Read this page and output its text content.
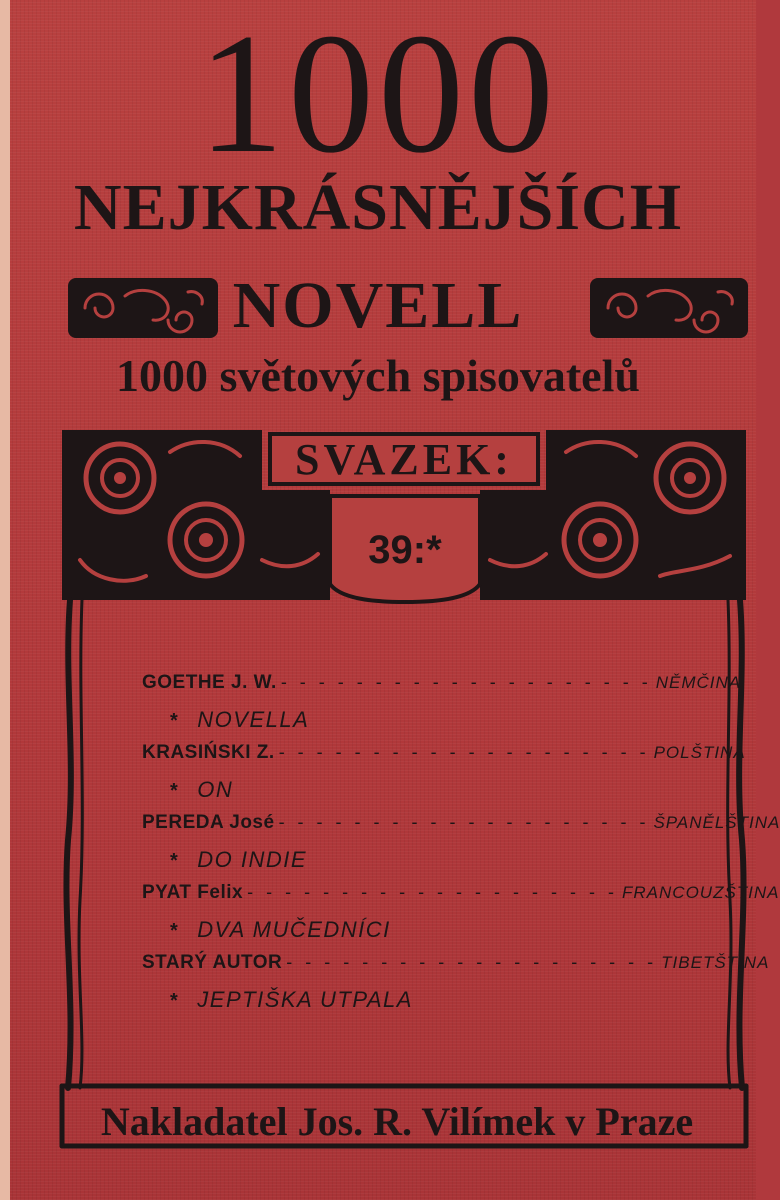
1000
NEJKRÁSNĚJŠÍCH
NOVELL
1000 světových spisovatelů
SVAZEK:
39:*
GOETHE J. W. - - - - - - - - - - - - - - - - - - - - NĚMČINA
* NOVELLA
KRASIŃSKI Z. - - - - - - - - - - - - - - - - - - - - POLŠTINA
* ON
PEREDA José - - - - - - - - - - - - - - - - - - - - ŠPANĚLŠTINA
* DO INDIE
PYAT Felix - - - - - - - - - - - - - - - - - - - - FRANCOUZŠTINA
* DVA MUČEDNÍCI
STARÝ AUTOR - - - - - - - - - - - - - - - - - - - - TIBETŠTINA
* JEPTIŠKA UTPALA
Nakladatel Jos. R. Vilímek v Praze
